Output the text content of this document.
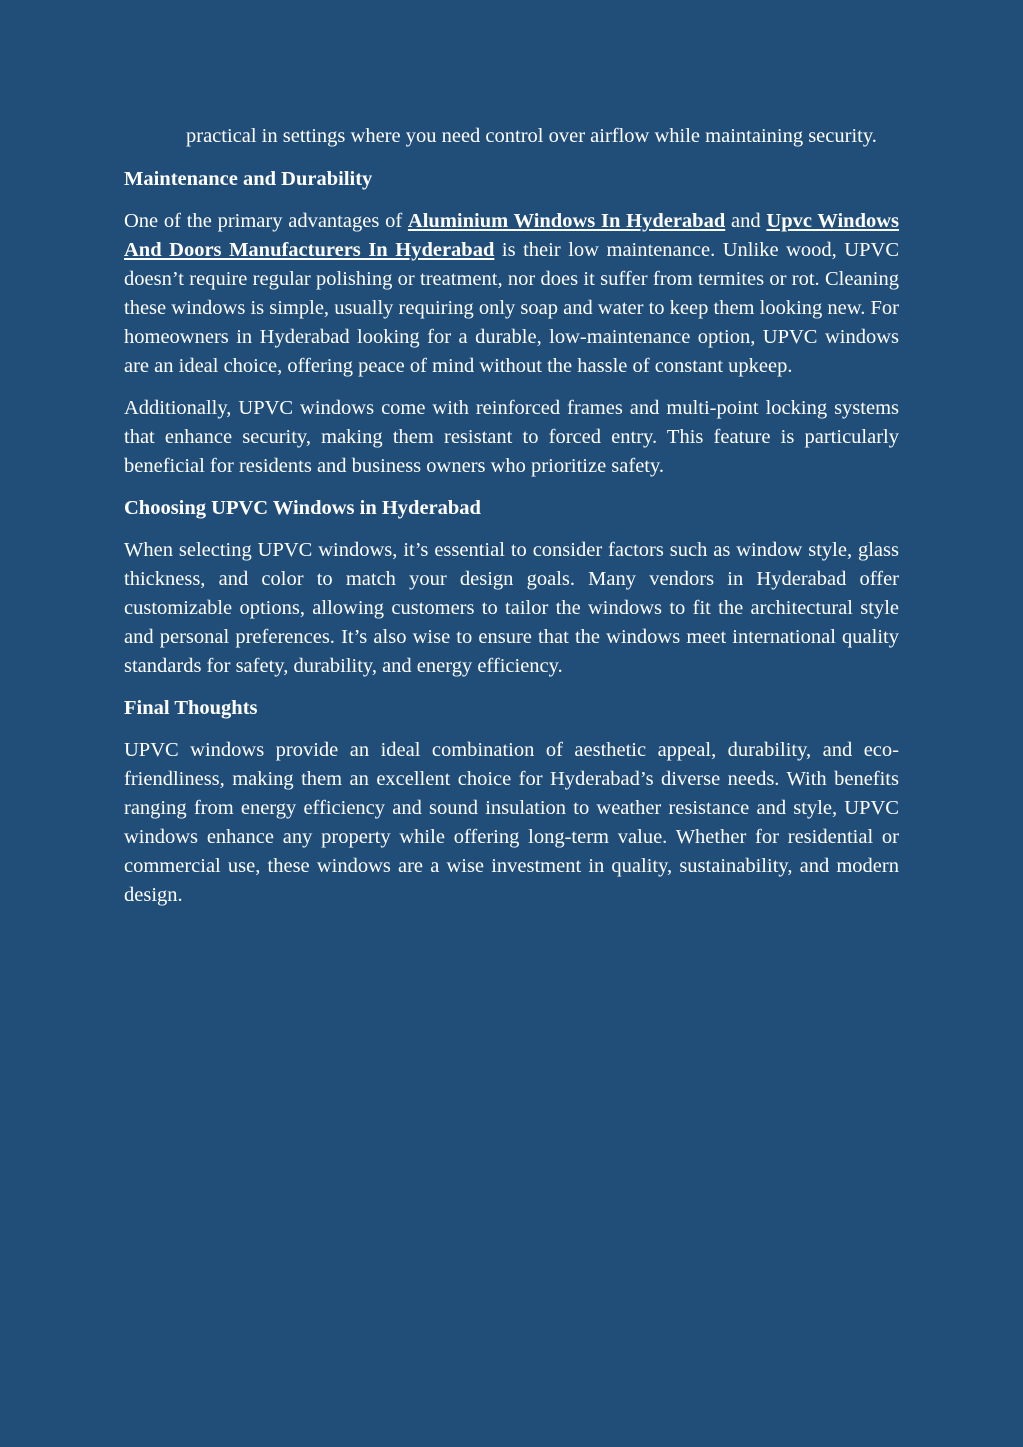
practical in settings where you need control over airflow while maintaining security.

Maintenance and Durability

One of the primary advantages of Aluminium Windows In Hyderabad and Upvc Windows And Doors Manufacturers In Hyderabad is their low maintenance. Unlike wood, UPVC doesn’t require regular polishing or treatment, nor does it suffer from termites or rot. Cleaning these windows is simple, usually requiring only soap and water to keep them looking new. For homeowners in Hyderabad looking for a durable, low-maintenance option, UPVC windows are an ideal choice, offering peace of mind without the hassle of constant upkeep.

Additionally, UPVC windows come with reinforced frames and multi-point locking systems that enhance security, making them resistant to forced entry. This feature is particularly beneficial for residents and business owners who prioritize safety.

Choosing UPVC Windows in Hyderabad

When selecting UPVC windows, it’s essential to consider factors such as window style, glass thickness, and color to match your design goals. Many vendors in Hyderabad offer customizable options, allowing customers to tailor the windows to fit the architectural style and personal preferences. It’s also wise to ensure that the windows meet international quality standards for safety, durability, and energy efficiency.

Final Thoughts

UPVC windows provide an ideal combination of aesthetic appeal, durability, and eco-friendliness, making them an excellent choice for Hyderabad’s diverse needs. With benefits ranging from energy efficiency and sound insulation to weather resistance and style, UPVC windows enhance any property while offering long-term value. Whether for residential or commercial use, these windows are a wise investment in quality, sustainability, and modern design.
